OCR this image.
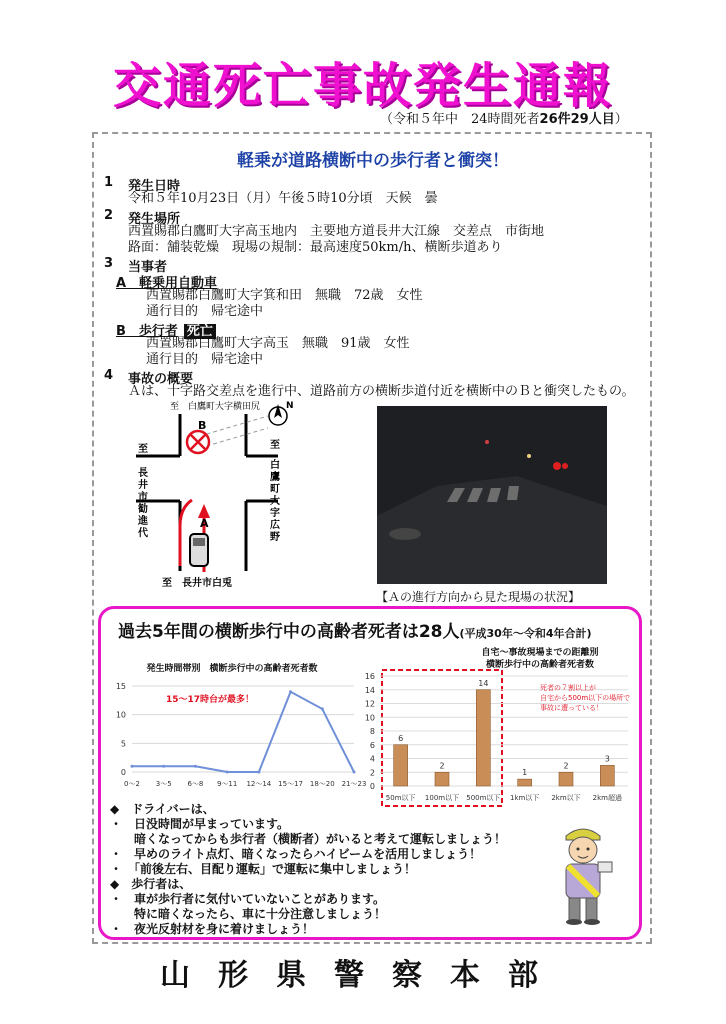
交通死亡事故発生通報
（令和５年中　24時間死者26件29人目）
軽乗が道路横断中の歩行者と衝突！
1 発生日時
令和５年10月23日（月）午後５時10分頃　天候　曇
2 発生場所
西置賜郡白鷹町大字高玉地内　主要地方道長井大江線　交差点　市街地
路面：舗装乾燥　現場の規制：最高速度50km/h、横断歩道あり
3 当事者
A　軽乗用自動車
西置賜郡白鷹町大字箕和田　無職　72歳　女性
通行目的　帰宅途中
B　歩行者 死亡
西置賜郡白鷹町大字高玉　無職　91歳　女性
通行目的　帰宅途中
4 事故の概要
Ａは、十字路交差点を進行中、道路前方の横断歩道付近を横断中のＢと衝突したもの。
至　白鷹町大字横田尻
B
A
N
至　長井市白兎
至
長
井
市
勧
進
代
至
白
鷹
町
大
字
広
野
【Ａの進行方向から見た現場の状況】
過去5年間の横断歩行中の高齢者死者は28人(平成30年～令和4年合計)
発生時間帯別　横断歩行中の高齢者死者数
0
5
10
15
0～2 3～5 6～8 9～11 12～14 15～17 18～20 21～23
15～17時台が最多！
自宅～事故現場までの距離別
横断歩行中の高齢者死者数
0
2
4
6
8
10
12
14
16
6
50m以下
2
100m以下
14
500m以下
1
1km以下
2
2km以下
3
2km超過
死者の７割以上が
自宅から500m以下の場所で
事故に遭っている！
◆　ドライバーは、
・　日没時間が早まっています。
　　暗くなってからも歩行者（横断者）がいると考えて運転しましょう！
・　早めのライト点灯、暗くなったらハイビームを活用しましょう！
・　「前後左右、目配り運転」で運転に集中しましょう！
◆　歩行者は、
・　車が歩行者に気付いていないことがあります。
　　特に暗くなったら、車に十分注意しましょう！
・　夜光反射材を身に着けましょう！
山形県警察本部
